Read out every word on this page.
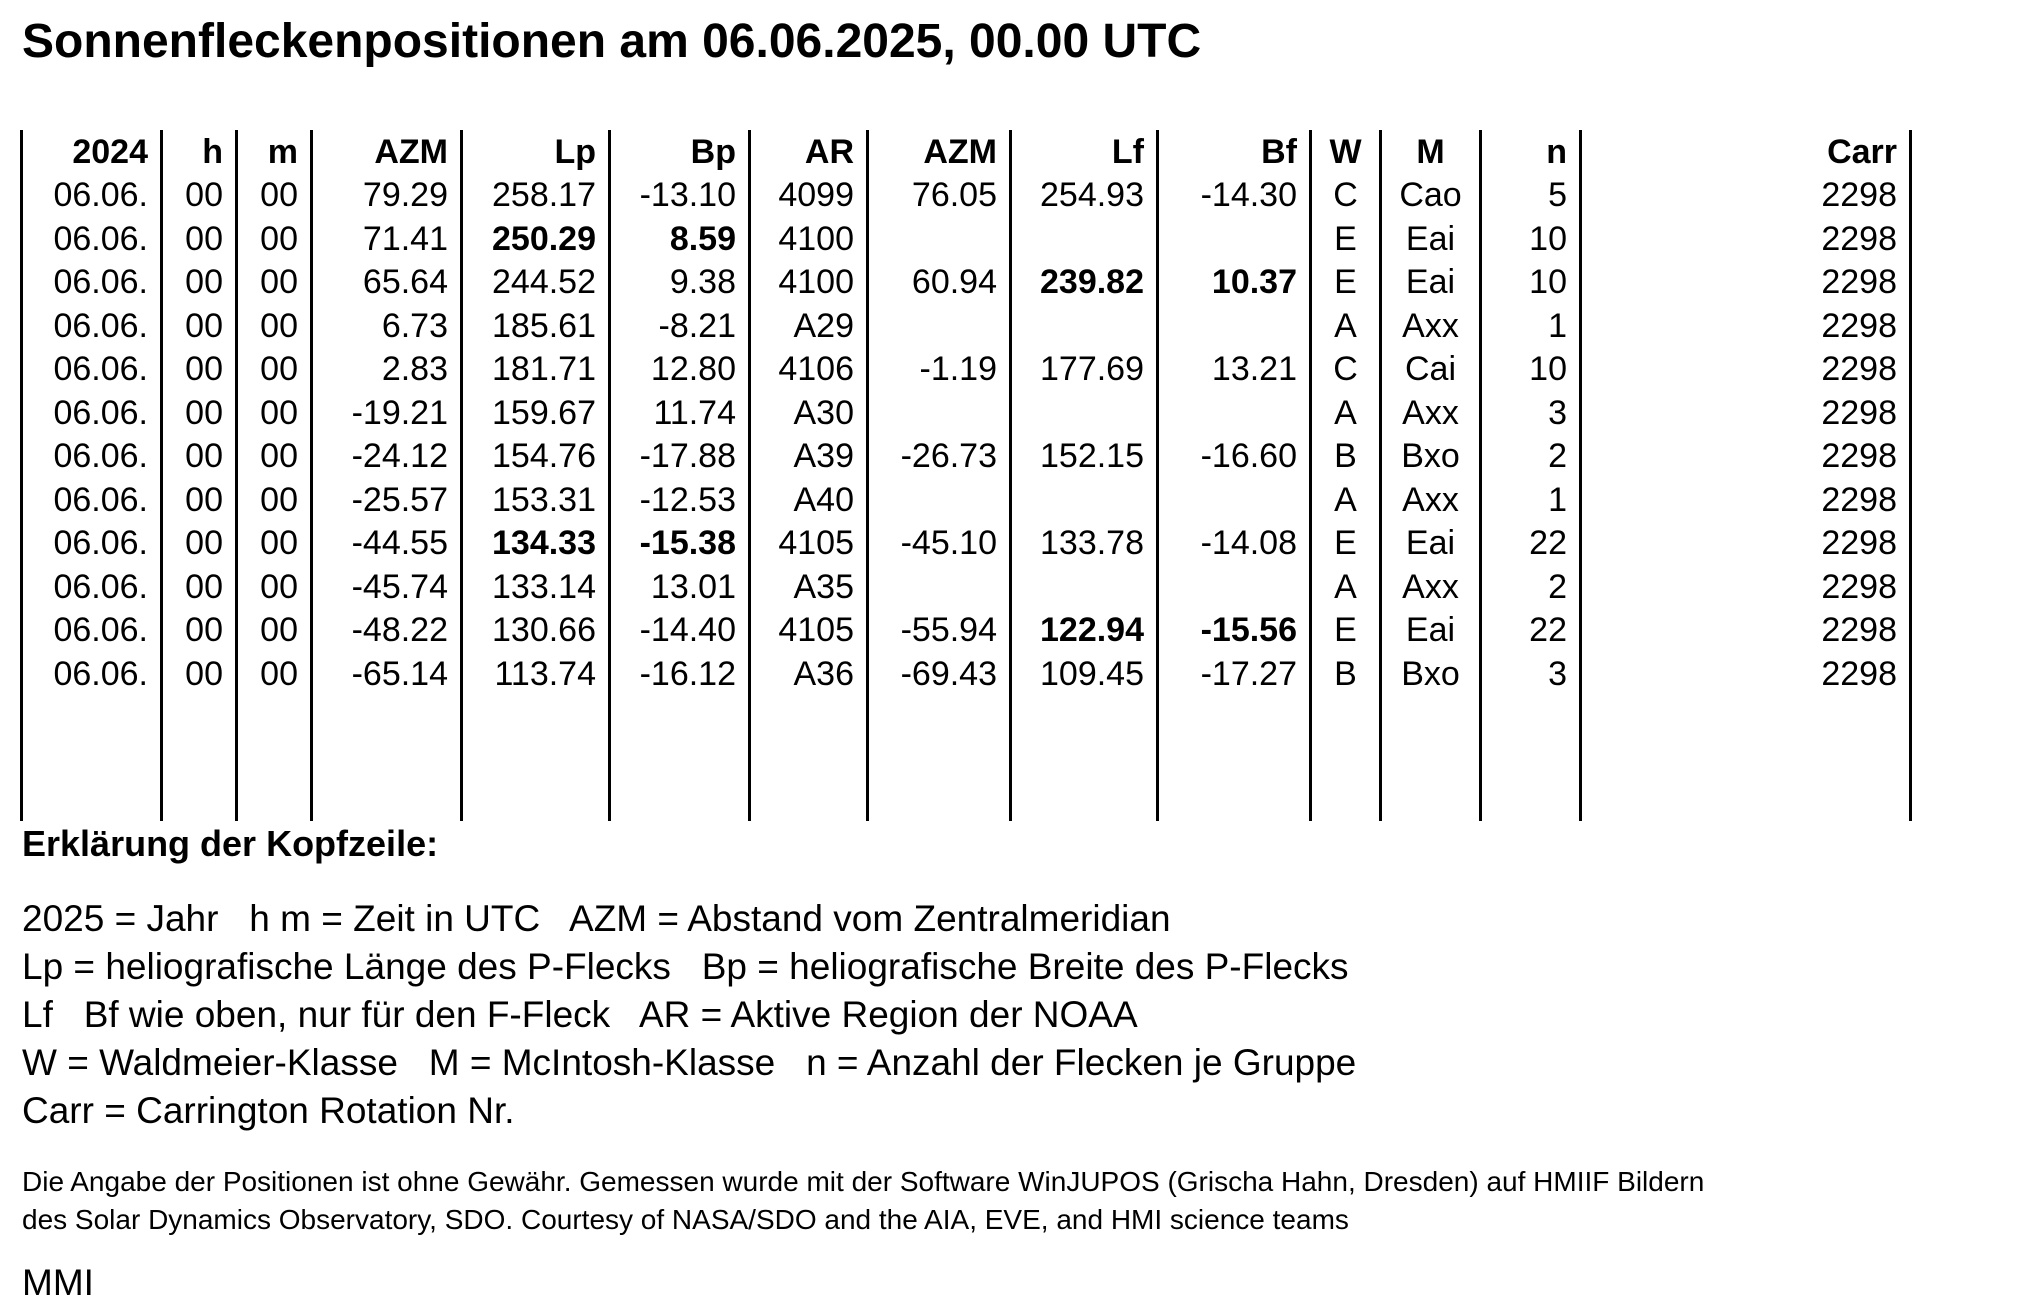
Sonnenfleckenpositionen am 06.06.2025, 00.00 UTC
2024	h	m	AZM	Lp	Bp	AR	AZM	Lf	Bf	W	M	n	Carr
06.06.	00	00	79.29	258.17	-13.10	4099	76.05	254.93	-14.30	C	Cao	5	2298
06.06.	00	00	71.41	250.29	8.59	4100				E	Eai	10	2298
06.06.	00	00	65.64	244.52	9.38	4100	60.94	239.82	10.37	E	Eai	10	2298
06.06.	00	00	6.73	185.61	-8.21	A29				A	Axx	1	2298
06.06.	00	00	2.83	181.71	12.80	4106	-1.19	177.69	13.21	C	Cai	10	2298
06.06.	00	00	-19.21	159.67	11.74	A30				A	Axx	3	2298
06.06.	00	00	-24.12	154.76	-17.88	A39	-26.73	152.15	-16.60	B	Bxo	2	2298
06.06.	00	00	-25.57	153.31	-12.53	A40				A	Axx	1	2298
06.06.	00	00	-44.55	134.33	-15.38	4105	-45.10	133.78	-14.08	E	Eai	22	2298
06.06.	00	00	-45.74	133.14	13.01	A35				A	Axx	2	2298
06.06.	00	00	-48.22	130.66	-14.40	4105	-55.94	122.94	-15.56	E	Eai	22	2298
06.06.	00	00	-65.14	113.74	-16.12	A36	-69.43	109.45	-17.27	B	Bxo	3	2298

Erklärung der Kopfzeile:
2025 = Jahr   h m = Zeit in UTC   AZM = Abstand vom Zentralmeridian
Lp = heliografische Länge des P-Flecks   Bp = heliografische Breite des P-Flecks
Lf   Bf wie oben, nur für den F-Fleck   AR = Aktive Region der NOAA
W = Waldmeier-Klasse   M = McIntosh-Klasse   n = Anzahl der Flecken je Gruppe
Carr = Carrington Rotation Nr.
Die Angabe der Positionen ist ohne Gewähr. Gemessen wurde mit der Software WinJUPOS (Grischa Hahn, Dresden) auf HMIIF Bildern
des Solar Dynamics Observatory, SDO. Courtesy of NASA/SDO and the AIA, EVE, and HMI science teams
MMI
